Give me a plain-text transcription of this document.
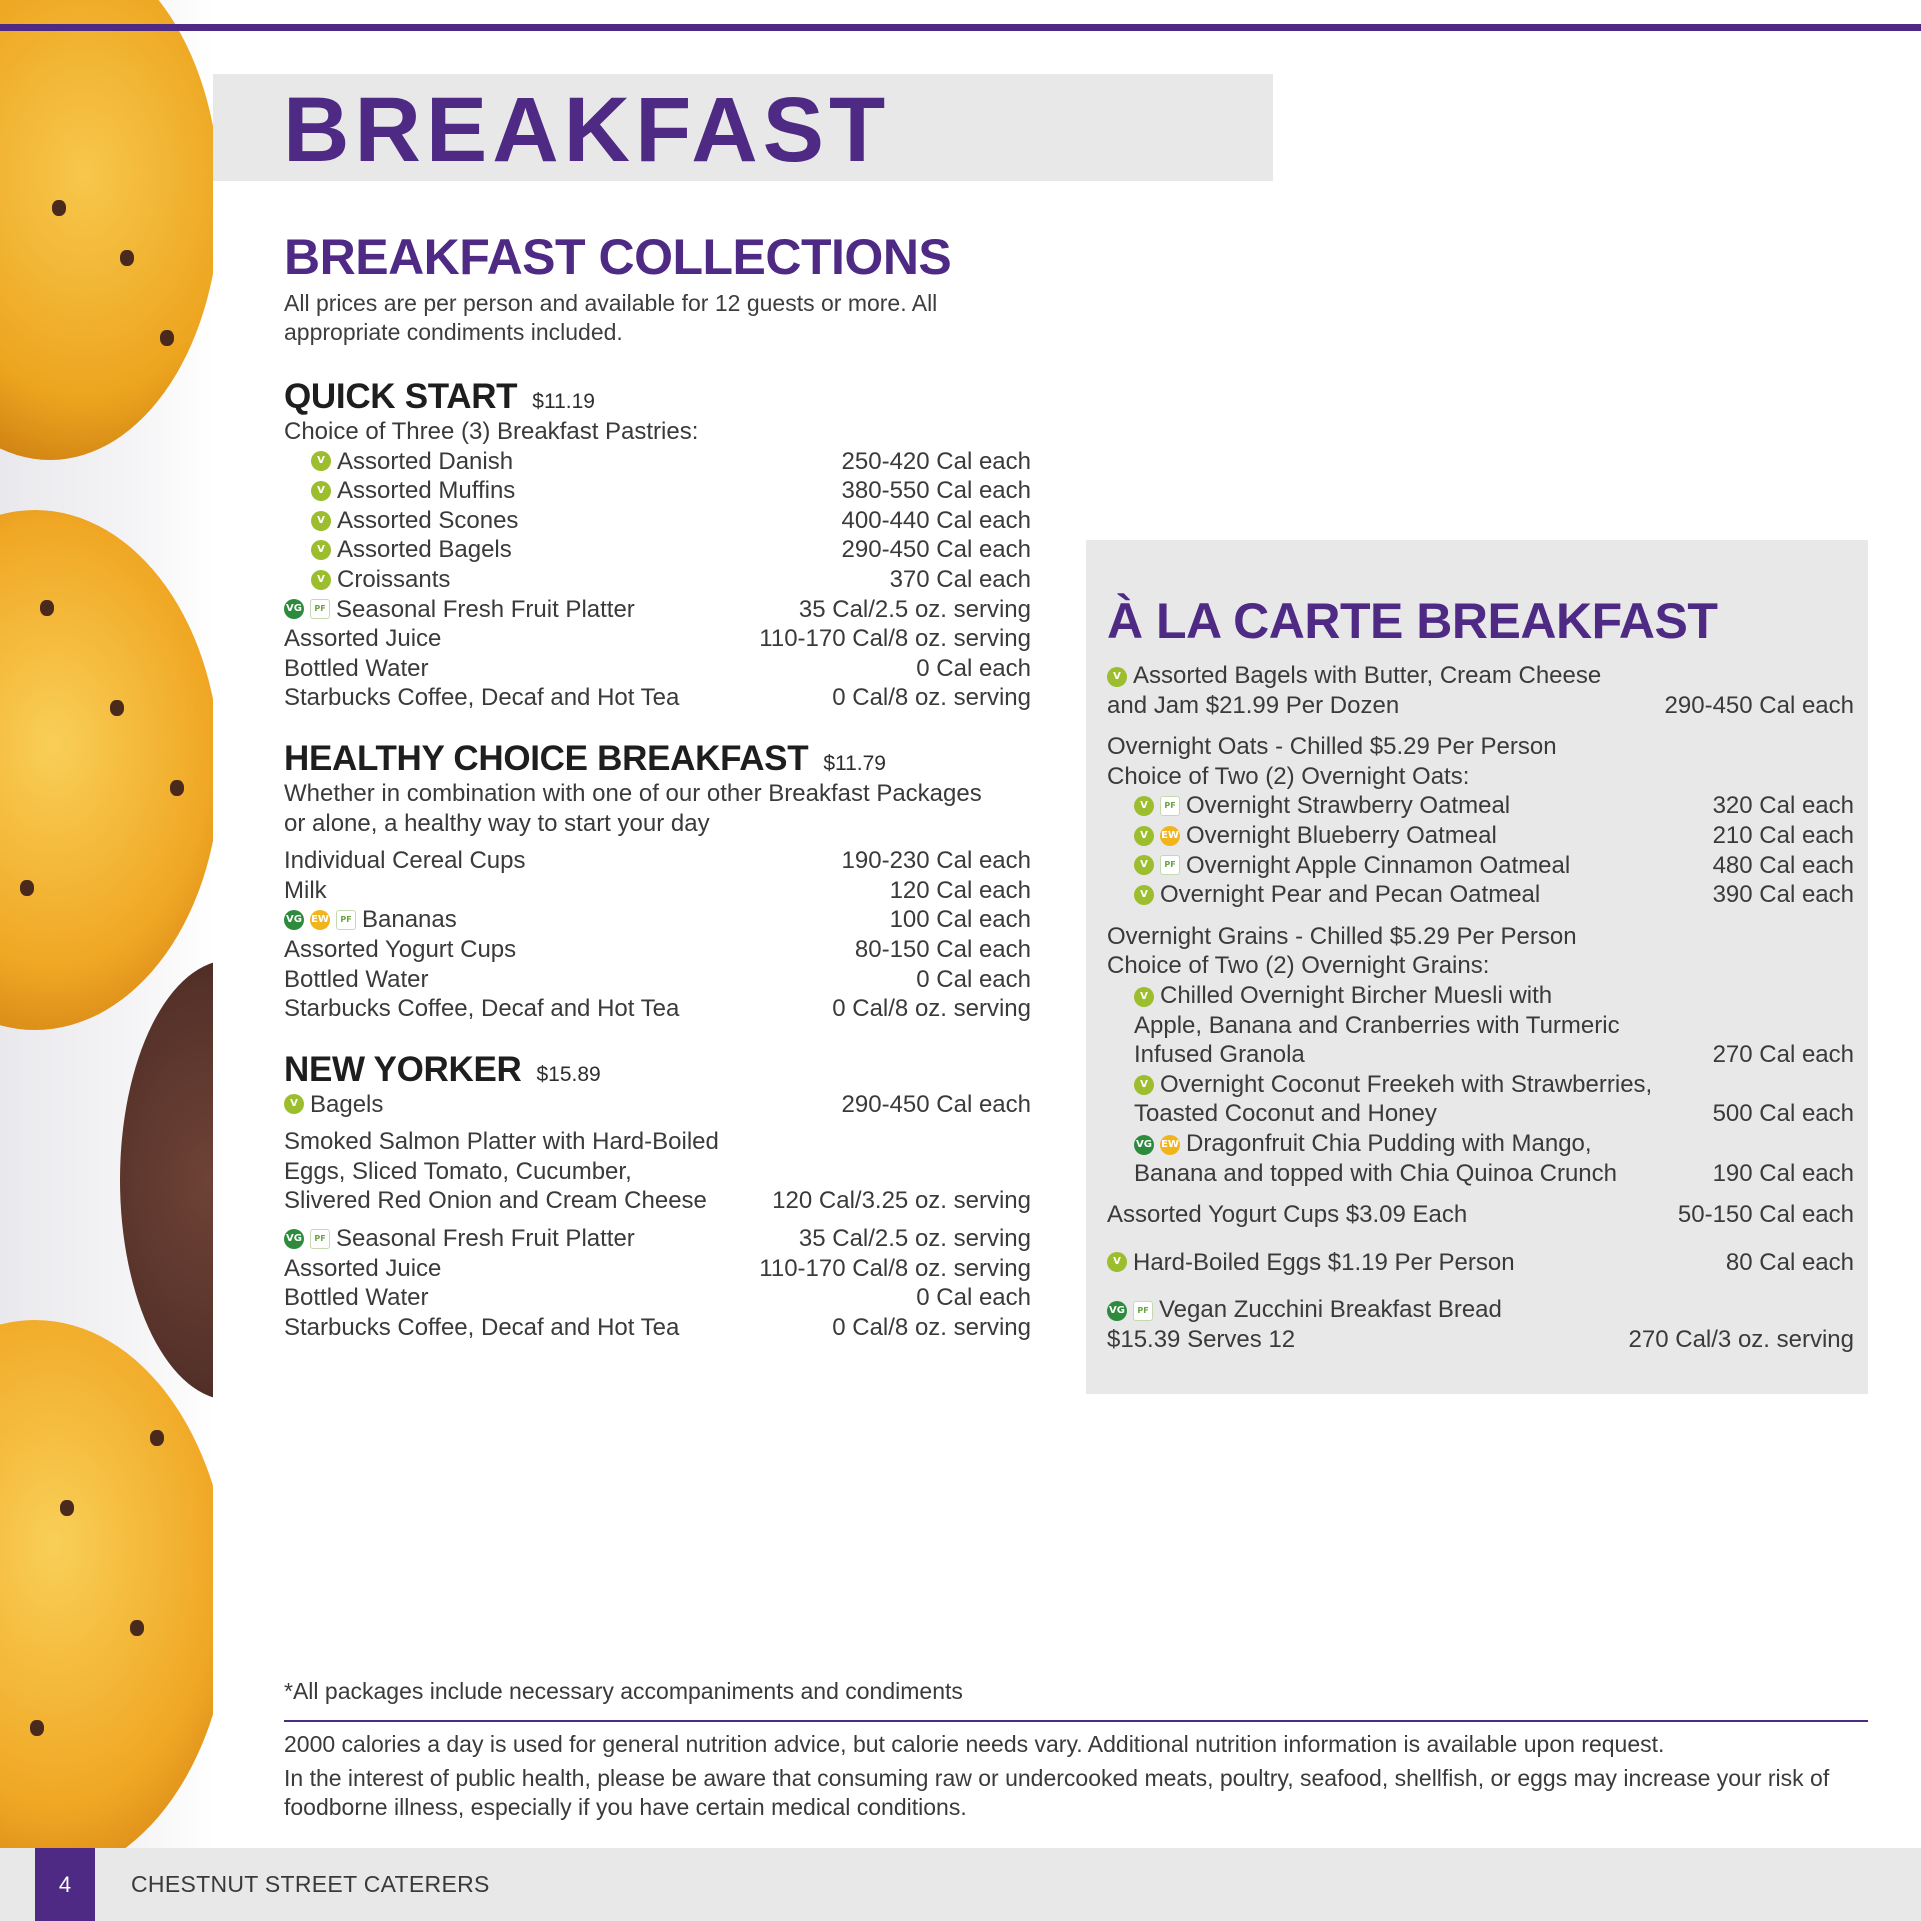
BREAKFAST
BREAKFAST COLLECTIONS

All prices are per person and available for 12 guests or more. All appropriate condiments included.

QUICK START $11.19
Choice of Three (3) Breakfast Pastries:
V Assorted Danish	250-420 Cal each
V Assorted Muffins	380-550 Cal each
V Assorted Scones	400-440 Cal each
V Assorted Bagels	290-450 Cal each
V Croissants	370 Cal each
VG	PF Seasonal Fresh Fruit Platter	35 Cal/2.5 oz. serving
Assorted Juice	110-170 Cal/8 oz. serving
Bottled Water	0 Cal each
Starbucks Coffee, Decaf and Hot Tea	0 Cal/8 oz. serving
HEALTHY CHOICE BREAKFAST $11.79
Whether in combination with one of our other Breakfast Packages or alone, a healthy way to start your day
Individual Cereal Cups	190-230 Cal each
Milk	120 Cal each
VG EW	PF Bananas	100 Cal each
Assorted Yogurt Cups	80-150 Cal each
Bottled Water	0 Cal each
Starbucks Coffee, Decaf and Hot Tea	0 Cal/8 oz. serving
NEW YORKER $15.89
V Bagels	290-450 Cal each
Smoked Salmon Platter with Hard-Boiled Eggs, Sliced Tomato, Cucumber, Slivered Red Onion and Cream Cheese	120 Cal/3.25 oz. serving
VG	PF Seasonal Fresh Fruit Platter	35 Cal/2.5 oz. serving
Assorted Juice	110-170 Cal/8 oz. serving
Bottled Water	0 Cal each
Starbucks Coffee, Decaf and Hot Tea	0 Cal/8 oz. serving
À LA CARTE BREAKFAST
V Assorted Bagels with Butter, Cream Cheese
and Jam $21.99 Per Dozen	290-450 Cal each
Overnight Oats - Chilled $5.29 Per Person
Choice of Two (2) Overnight Oats:
V	PF Overnight Strawberry Oatmeal	320 Cal each
V	EW Overnight Blueberry Oatmeal	210 Cal each
V	PF Overnight Apple Cinnamon Oatmeal	480 Cal each
V Overnight Pear and Pecan Oatmeal	390 Cal each
Overnight Grains - Chilled $5.29 Per Person
Choice of Two (2) Overnight Grains:
V Chilled Overnight Bircher Muesli with
Apple, Banana and Cranberries with Turmeric
Infused Granola	270 Cal each
V Overnight Coconut Freekeh with Strawberries,
Toasted Coconut and Honey	500 Cal each
VG EW Dragonfruit Chia Pudding with Mango,
Banana and topped with Chia Quinoa Crunch	190 Cal each
Assorted Yogurt Cups $3.09 Each	50-150 Cal each
V Hard-Boiled Eggs $1.19 Per Person	80 Cal each
VG PF Vegan Zucchini Breakfast Bread
$15.39 Serves 12	270 Cal/3 oz. serving
*All packages include necessary accompaniments and condiments

2000 calories a day is used for general nutrition advice, but calorie needs vary. Additional nutrition information is available upon request.

In the interest of public health, please be aware that consuming raw or undercooked meats, poultry, seafood, shellfish, or eggs may increase your risk of foodborne illness, especially if you have certain medical conditions.

4	CHESTNUT STREET CATERERS
